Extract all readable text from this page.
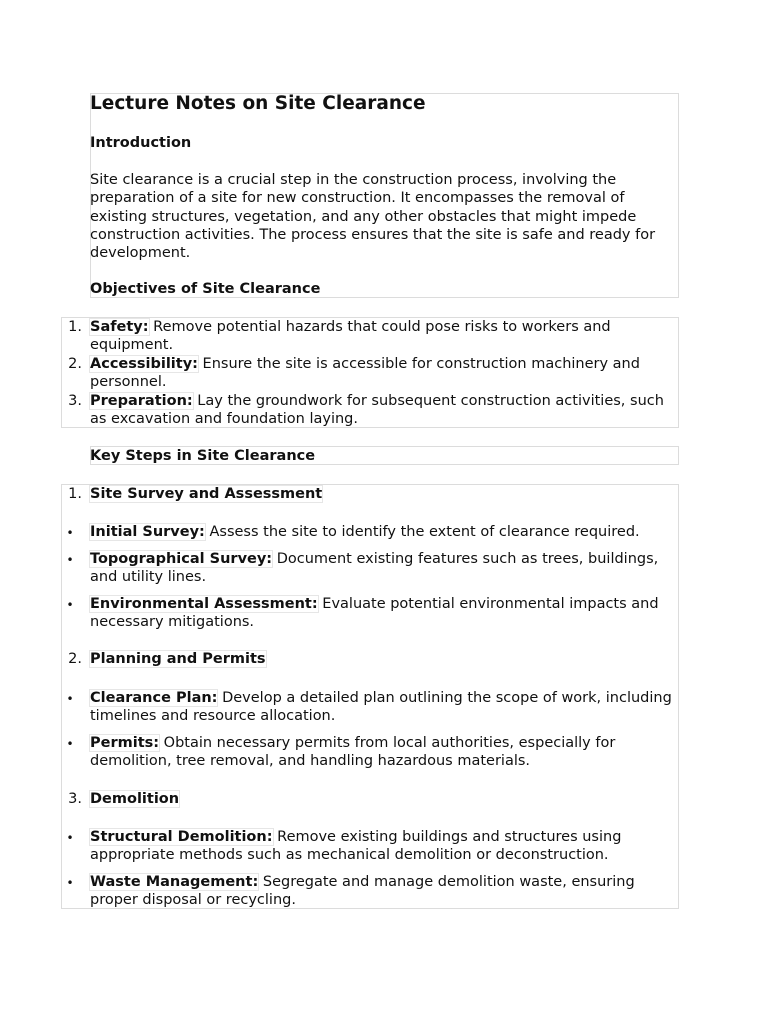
Lecture Notes on Site Clearance
Introduction
Site clearance is a crucial step in the construction process, involving the preparation of a site for new construction. It encompasses the removal of existing structures, vegetation, and any other obstacles that might impede construction activities. The process ensures that the site is safe and ready for development.
Objectives of Site Clearance
1. Safety: Remove potential hazards that could pose risks to workers and equipment.
2. Accessibility: Ensure the site is accessible for construction machinery and personnel.
3. Preparation: Lay the groundwork for subsequent construction activities, such as excavation and foundation laying.
Key Steps in Site Clearance
1. Site Survey and Assessment
• Initial Survey: Assess the site to identify the extent of clearance required.
• Topographical Survey: Document existing features such as trees, buildings, and utility lines.
• Environmental Assessment: Evaluate potential environmental impacts and necessary mitigations.
2. Planning and Permits
• Clearance Plan: Develop a detailed plan outlining the scope of work, including timelines and resource allocation.
• Permits: Obtain necessary permits from local authorities, especially for demolition, tree removal, and handling hazardous materials.
3. Demolition
• Structural Demolition: Remove existing buildings and structures using appropriate methods such as mechanical demolition or deconstruction.
• Waste Management: Segregate and manage demolition waste, ensuring proper disposal or recycling.
